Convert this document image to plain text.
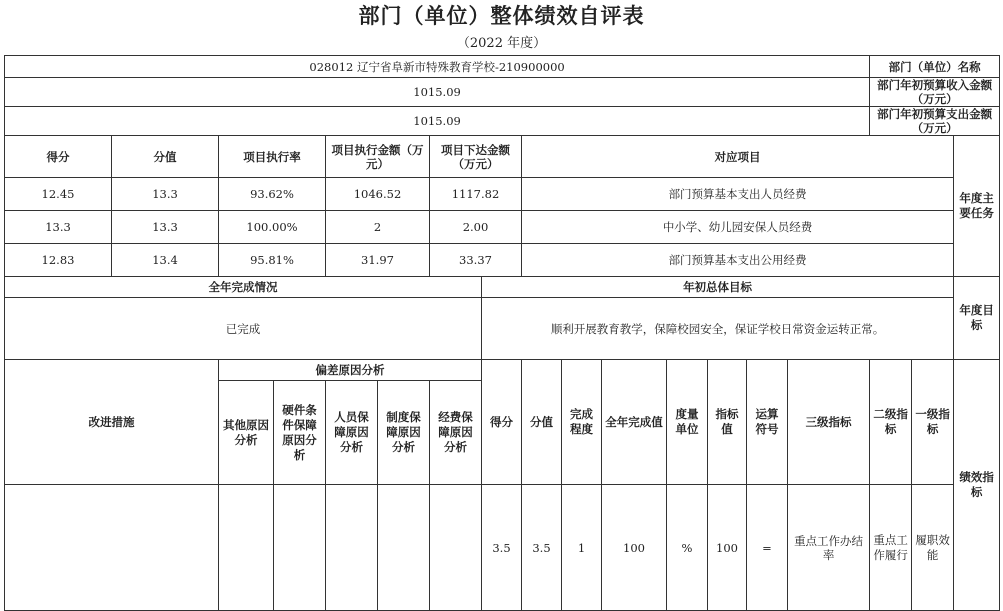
部门（单位）整体绩效自评表
（2022 年度）
028012 辽宁省阜新市特殊教育学校-210900000															部门（单位）名称		
1015.09															部门年初预算收入金额（万元）		
1015.09															部门年初预算支出金额（万元）		
得分	分值	项目执行率		项目执行金额（万元）		项目下达金额（万元）		对应项目									年度主要任务
12.45	13.3	93.62%		1046.52		1117.82		部门预算基本支出人员经费									
13.3	13.3	100.00%		2		2.00		中小学、幼儿园安保人员经费									
12.83	13.4	95.81%		31.97		33.37		部门预算基本支出公用经费									
全年完成情况							年初总体目标										年度目标
已完成							顺利开展教育教学，保障校园安全，保证学校日常资金运转正常。										
改进措施		偏差原因分析					得分	分值	完成程度	全年完成值	度量单位	指标值	运算符号	三级指标	二级指标	一级指标	绩效指标
		其他原因分析	硬件条件保障原因分析	人员保障原因分析	制度保障原因分析	经费保障原因分析											
							3.5	3.5	1	100	%	100	=	重点工作办结率	重点工作履行	履职效能	
